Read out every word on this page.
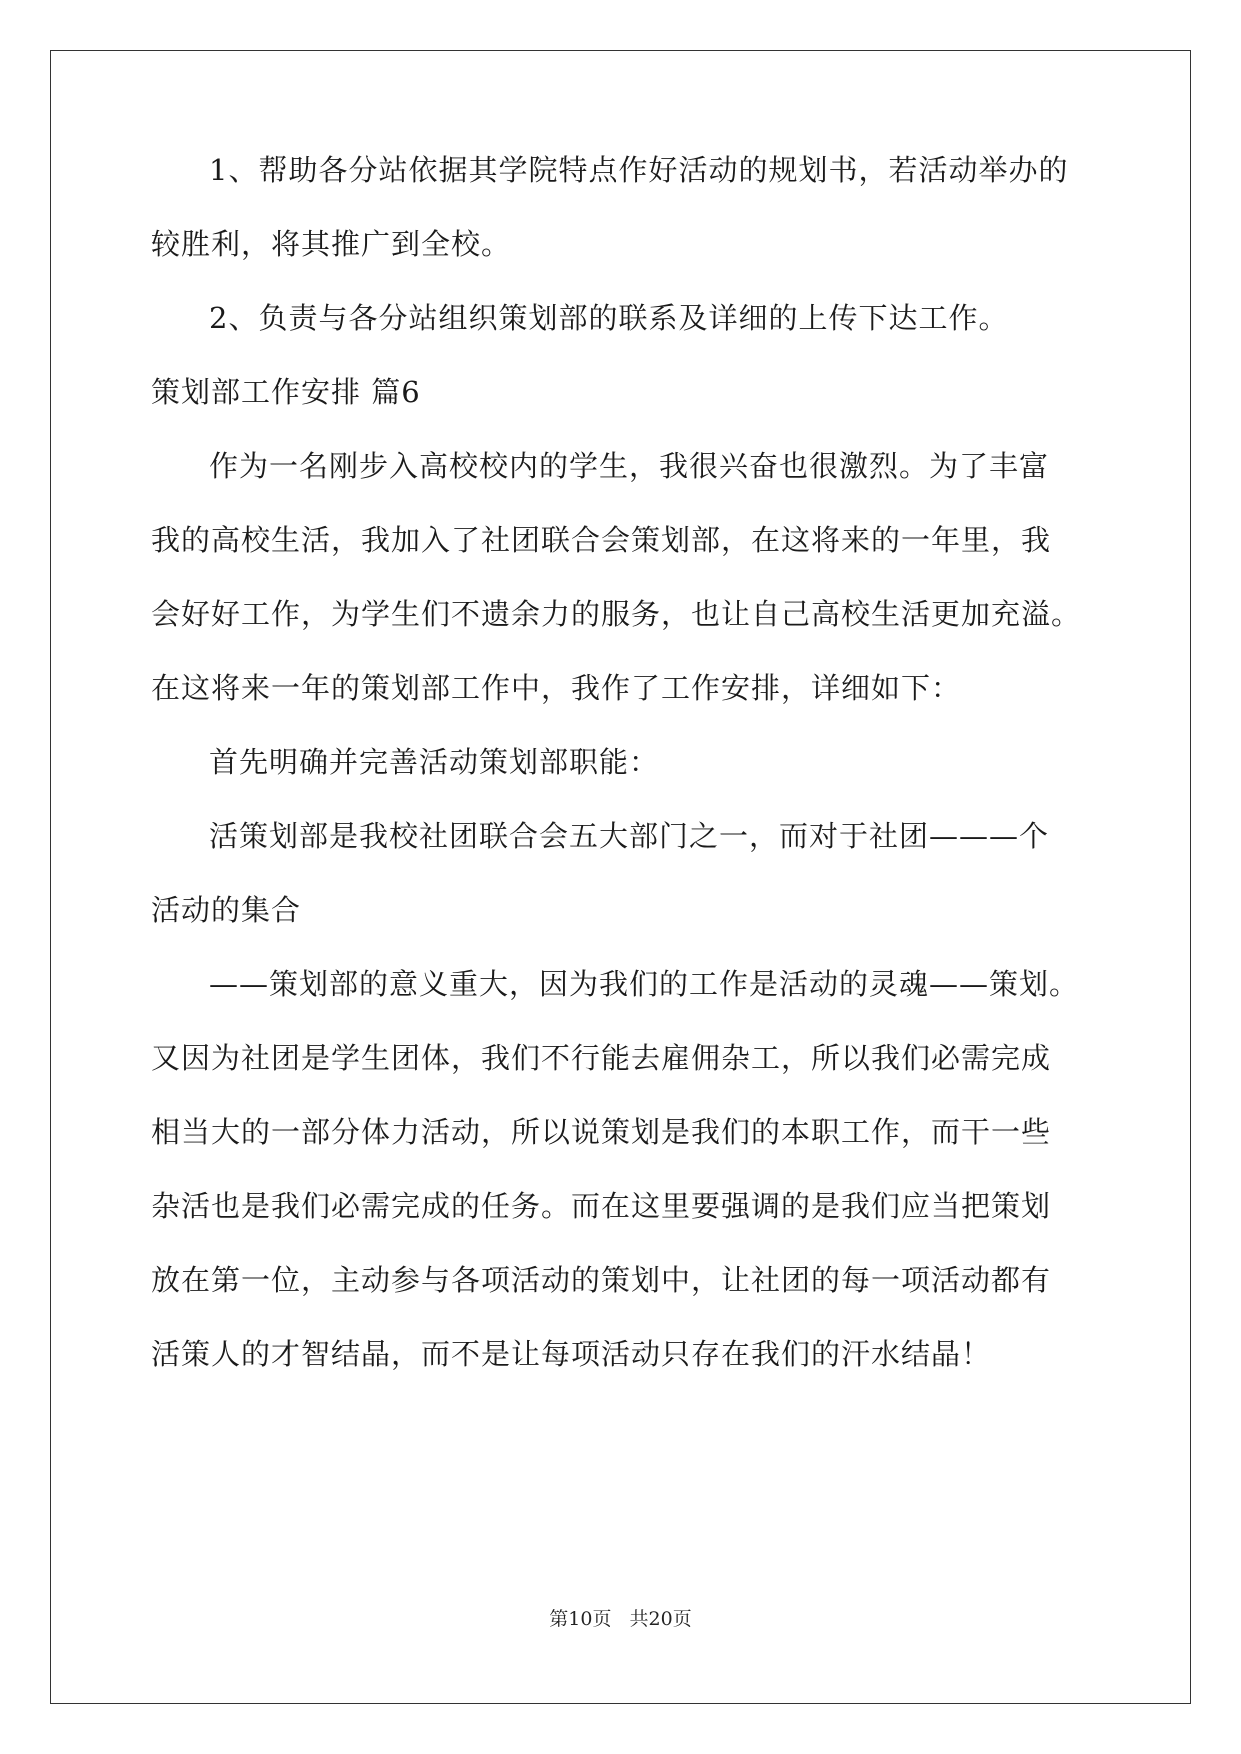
1、帮助各分站依据其学院特点作好活动的规划书，若活动举办的
较胜利，将其推广到全校。
2、负责与各分站组织策划部的联系及详细的上传下达工作。
策划部工作安排 篇6
作为一名刚步入高校校内的学生，我很兴奋也很激烈。为了丰富
我的高校生活，我加入了社团联合会策划部，在这将来的一年里，我
会好好工作，为学生们不遗余力的服务，也让自己高校生活更加充溢。
在这将来一年的策划部工作中，我作了工作安排，详细如下：
首先明确并完善活动策划部职能：
活策划部是我校社团联合会五大部门之一，而对于社团———个
活动的集合
——策划部的意义重大，因为我们的工作是活动的灵魂——策划。
又因为社团是学生团体，我们不行能去雇佣杂工，所以我们必需完成
相当大的一部分体力活动，所以说策划是我们的本职工作，而干一些
杂活也是我们必需完成的任务。而在这里要强调的是我们应当把策划
放在第一位，主动参与各项活动的策划中，让社团的每一项活动都有
活策人的才智结晶，而不是让每项活动只存在我们的汗水结晶！
第10页 共20页
